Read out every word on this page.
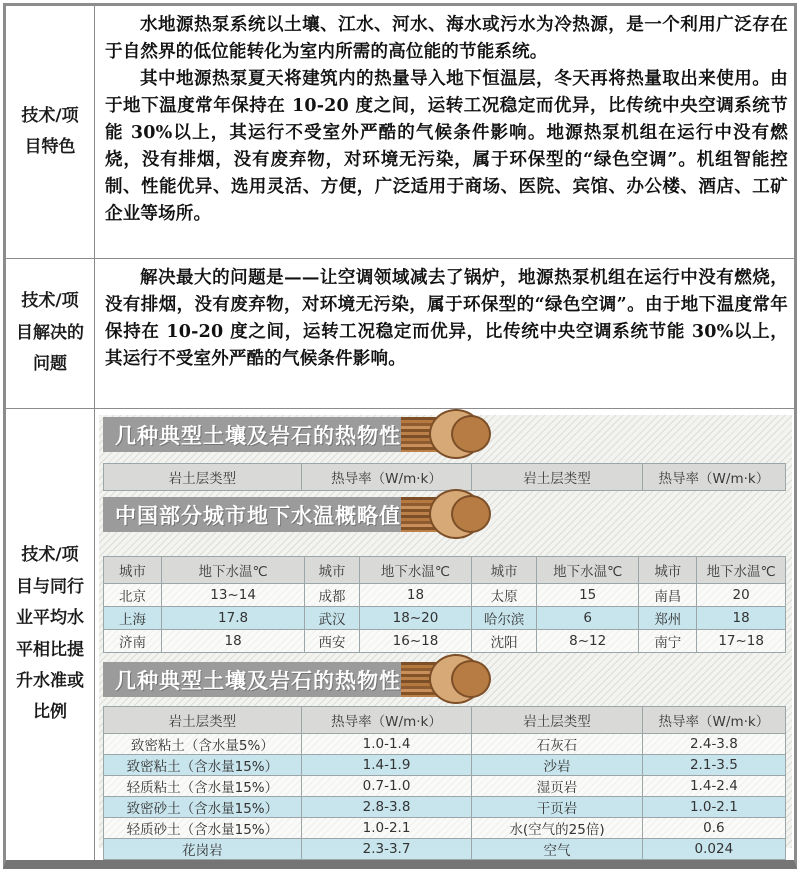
技术/项目特色

水地源热泵系统以土壤、江水、河水、海水或污水为冷热源，是一个利用广泛存在于自然界的低位能转化为室内所需的高位能的节能系统。

其中地源热泵夏天将建筑内的热量导入地下恒温层，冬天再将热量取出来使用。由于地下温度常年保持在 10-20 度之间，运转工况稳定而优异，比传统中央空调系统节能 30%以上，其运行不受室外严酷的气候条件影响。地源热泵机组在运行中没有燃烧，没有排烟，没有废弃物，对环境无污染，属于环保型的“绿色空调”。机组智能控制、性能优异、选用灵活、方便，广泛适用于商场、医院、宾馆、办公楼、酒店、工矿企业等场所。

技术/项目解决的问题

解决最大的问题是——让空调领域减去了锅炉，地源热泵机组在运行中没有燃烧，没有排烟，没有废弃物，对环境无污染，属于环保型的“绿色空调”。由于地下温度常年保持在 10-20 度之间，运转工况稳定而优异，比传统中央空调系统节能 30%以上，其运行不受室外严酷的气候条件影响。

技术/项目与同行业平均水平相比提升水准或比例
几种典型土壤及岩石的热物性
岩土层类型	热导率（W/m·k）	岩土层类型	热导率（W/m·k）
中国部分城市地下水温概略值
城市	地下水温℃	城市	地下水温℃	城市	地下水温℃	城市	地下水温℃
北京	13~14	成都	18	太原	15	南昌	20
上海	17.8	武汉	18~20	哈尔滨	6	郑州	18
济南	18	西安	16~18	沈阳	8~12	南宁	17~18
几种典型土壤及岩石的热物性
岩土层类型	热导率（W/m·k）	岩土层类型	热导率（W/m·k）
致密粘土（含水量5%）	1.0-1.4	石灰石	2.4-3.8
致密粘土（含水量15%）	1.4-1.9	沙岩	2.1-3.5
轻质粘土（含水量15%）	0.7-1.0	湿页岩	1.4-2.4
致密砂土（含水量15%）	2.8-3.8	干页岩	1.0-2.1
轻质砂土（含水量15%）	1.0-2.1	水(空气的25倍)	0.6
花岗岩	2.3-3.7	空气	0.024
